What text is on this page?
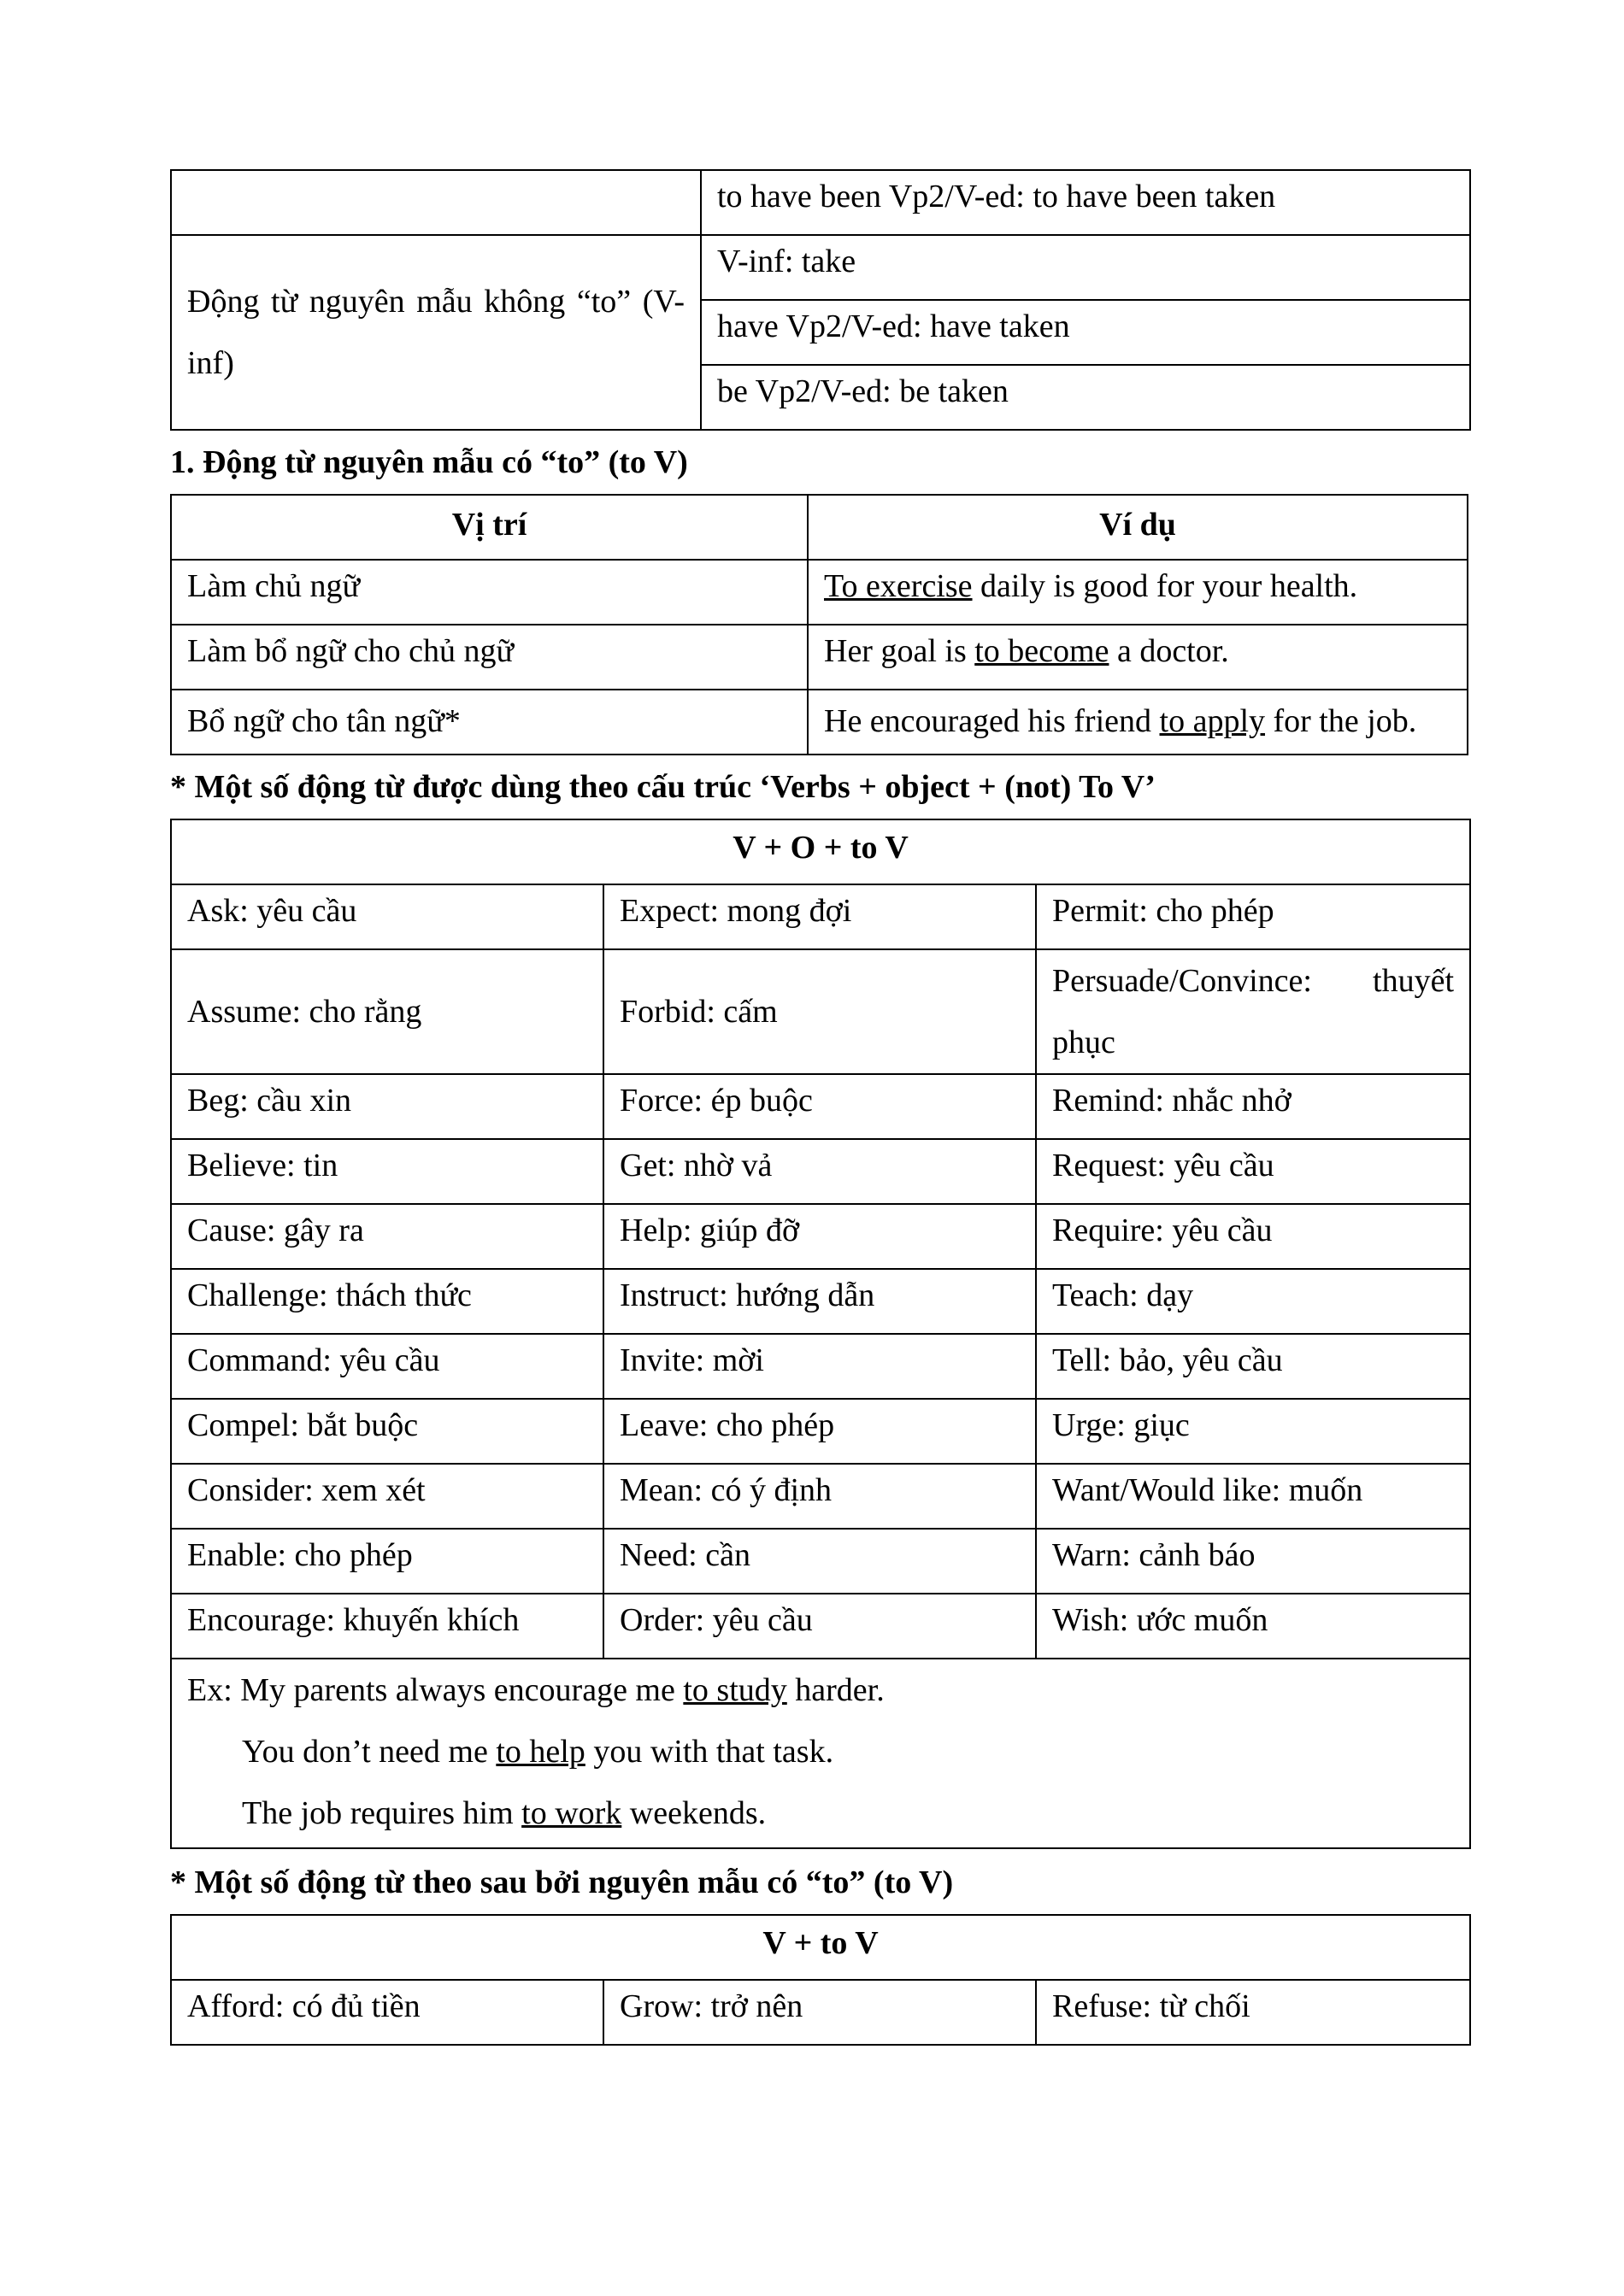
	to have been Vp2/V-ed: to have been taken
Động từ nguyên mẫu không “to” (V-inf)	V-inf: take
	have Vp2/V-ed: have taken
	be Vp2/V-ed: be taken

1. Động từ nguyên mẫu có “to” (to V)

Vị trí	Ví dụ
Làm chủ ngữ	To exercise daily is good for your health.
Làm bổ ngữ cho chủ ngữ	Her goal is to become a doctor.
Bổ ngữ cho tân ngữ*	He encouraged his friend to apply for the job.

* Một số động từ được dùng theo cấu trúc ‘Verbs + object + (not) To V’

V + O + to V		
Ask: yêu cầu	Expect: mong đợi	Permit: cho phép
Assume: cho rằng	Forbid: cấm	Persuade/Convince: thuyết phục
Beg: cầu xin	Force: ép buộc	Remind: nhắc nhở
Believe: tin	Get: nhờ vả	Request: yêu cầu
Cause: gây ra	Help: giúp đỡ	Require: yêu cầu
Challenge: thách thức	Instruct: hướng dẫn	Teach: dạy
Command: yêu cầu	Invite: mời	Tell: bảo, yêu cầu
Compel: bắt buộc	Leave: cho phép	Urge: giục
Consider: xem xét	Mean: có ý định	Want/Would like: muốn
Enable: cho phép	Need: cần	Warn: cảnh báo
Encourage: khuyến khích	Order: yêu cầu	Wish: ước muốn

Ex: My parents always encourage me to study harder.
You don’t need me to help you with that task.
The job requires him to work weekends.		

* Một số động từ theo sau bởi nguyên mẫu có “to” (to V)

V + to V
Afford: có đủ tiền	Grow: trở nên	Refuse: từ chối
